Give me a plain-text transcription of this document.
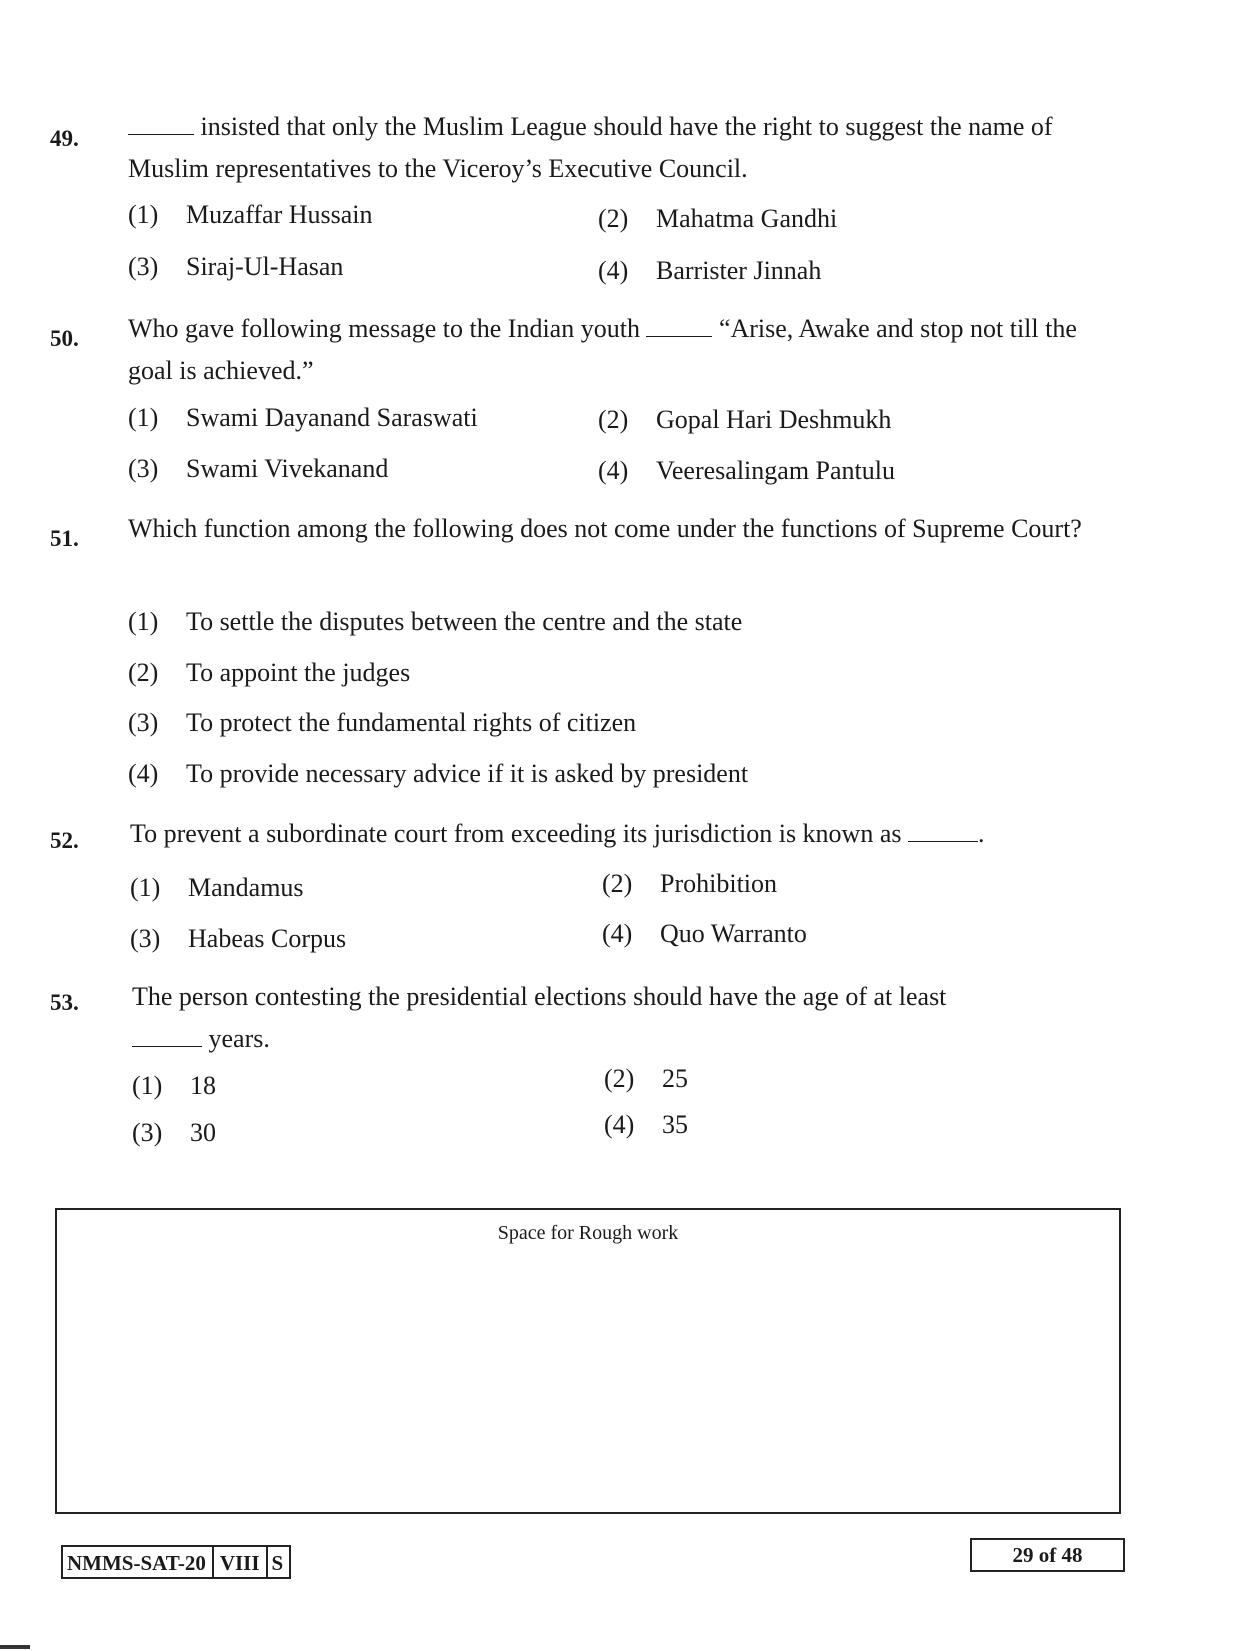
49.	insisted that only the Muslim League should have the right to suggest the name of Muslim representatives to the Viceroy’s Executive Council.
(1) Muzaffar Hussain	(2) Mahatma Gandhi
(3) Siraj-Ul-Hasan	(4) Barrister Jinnah
50. Who gave following message to the Indian youth	“Arise, Awake and stop not till the goal is achieved.”
(1) Swami Dayanand Saraswati	(2) Gopal Hari Deshmukh
(3) Swami Vivekanand	(4) Veeresalingam Pantulu
51. Which function among the following does not come under the functions of Supreme Court?
(1) To settle the disputes between the centre and the state
(2) To appoint the judges
(3) To protect the fundamental rights of citizen
(4) To provide necessary advice if it is asked by president
52. To prevent a subordinate court from exceeding its jurisdiction is known as	.
(1) Mandamus	(2) Prohibition
(3) Habeas Corpus	(4) Quo Warranto
53. The person contesting the presidential elections should have the age of at least
years.
(1) 18	(2) 25
(3) 30	(4) 35
Space for Rough work
NMMS-SAT-20 VIII S	29 of 48
